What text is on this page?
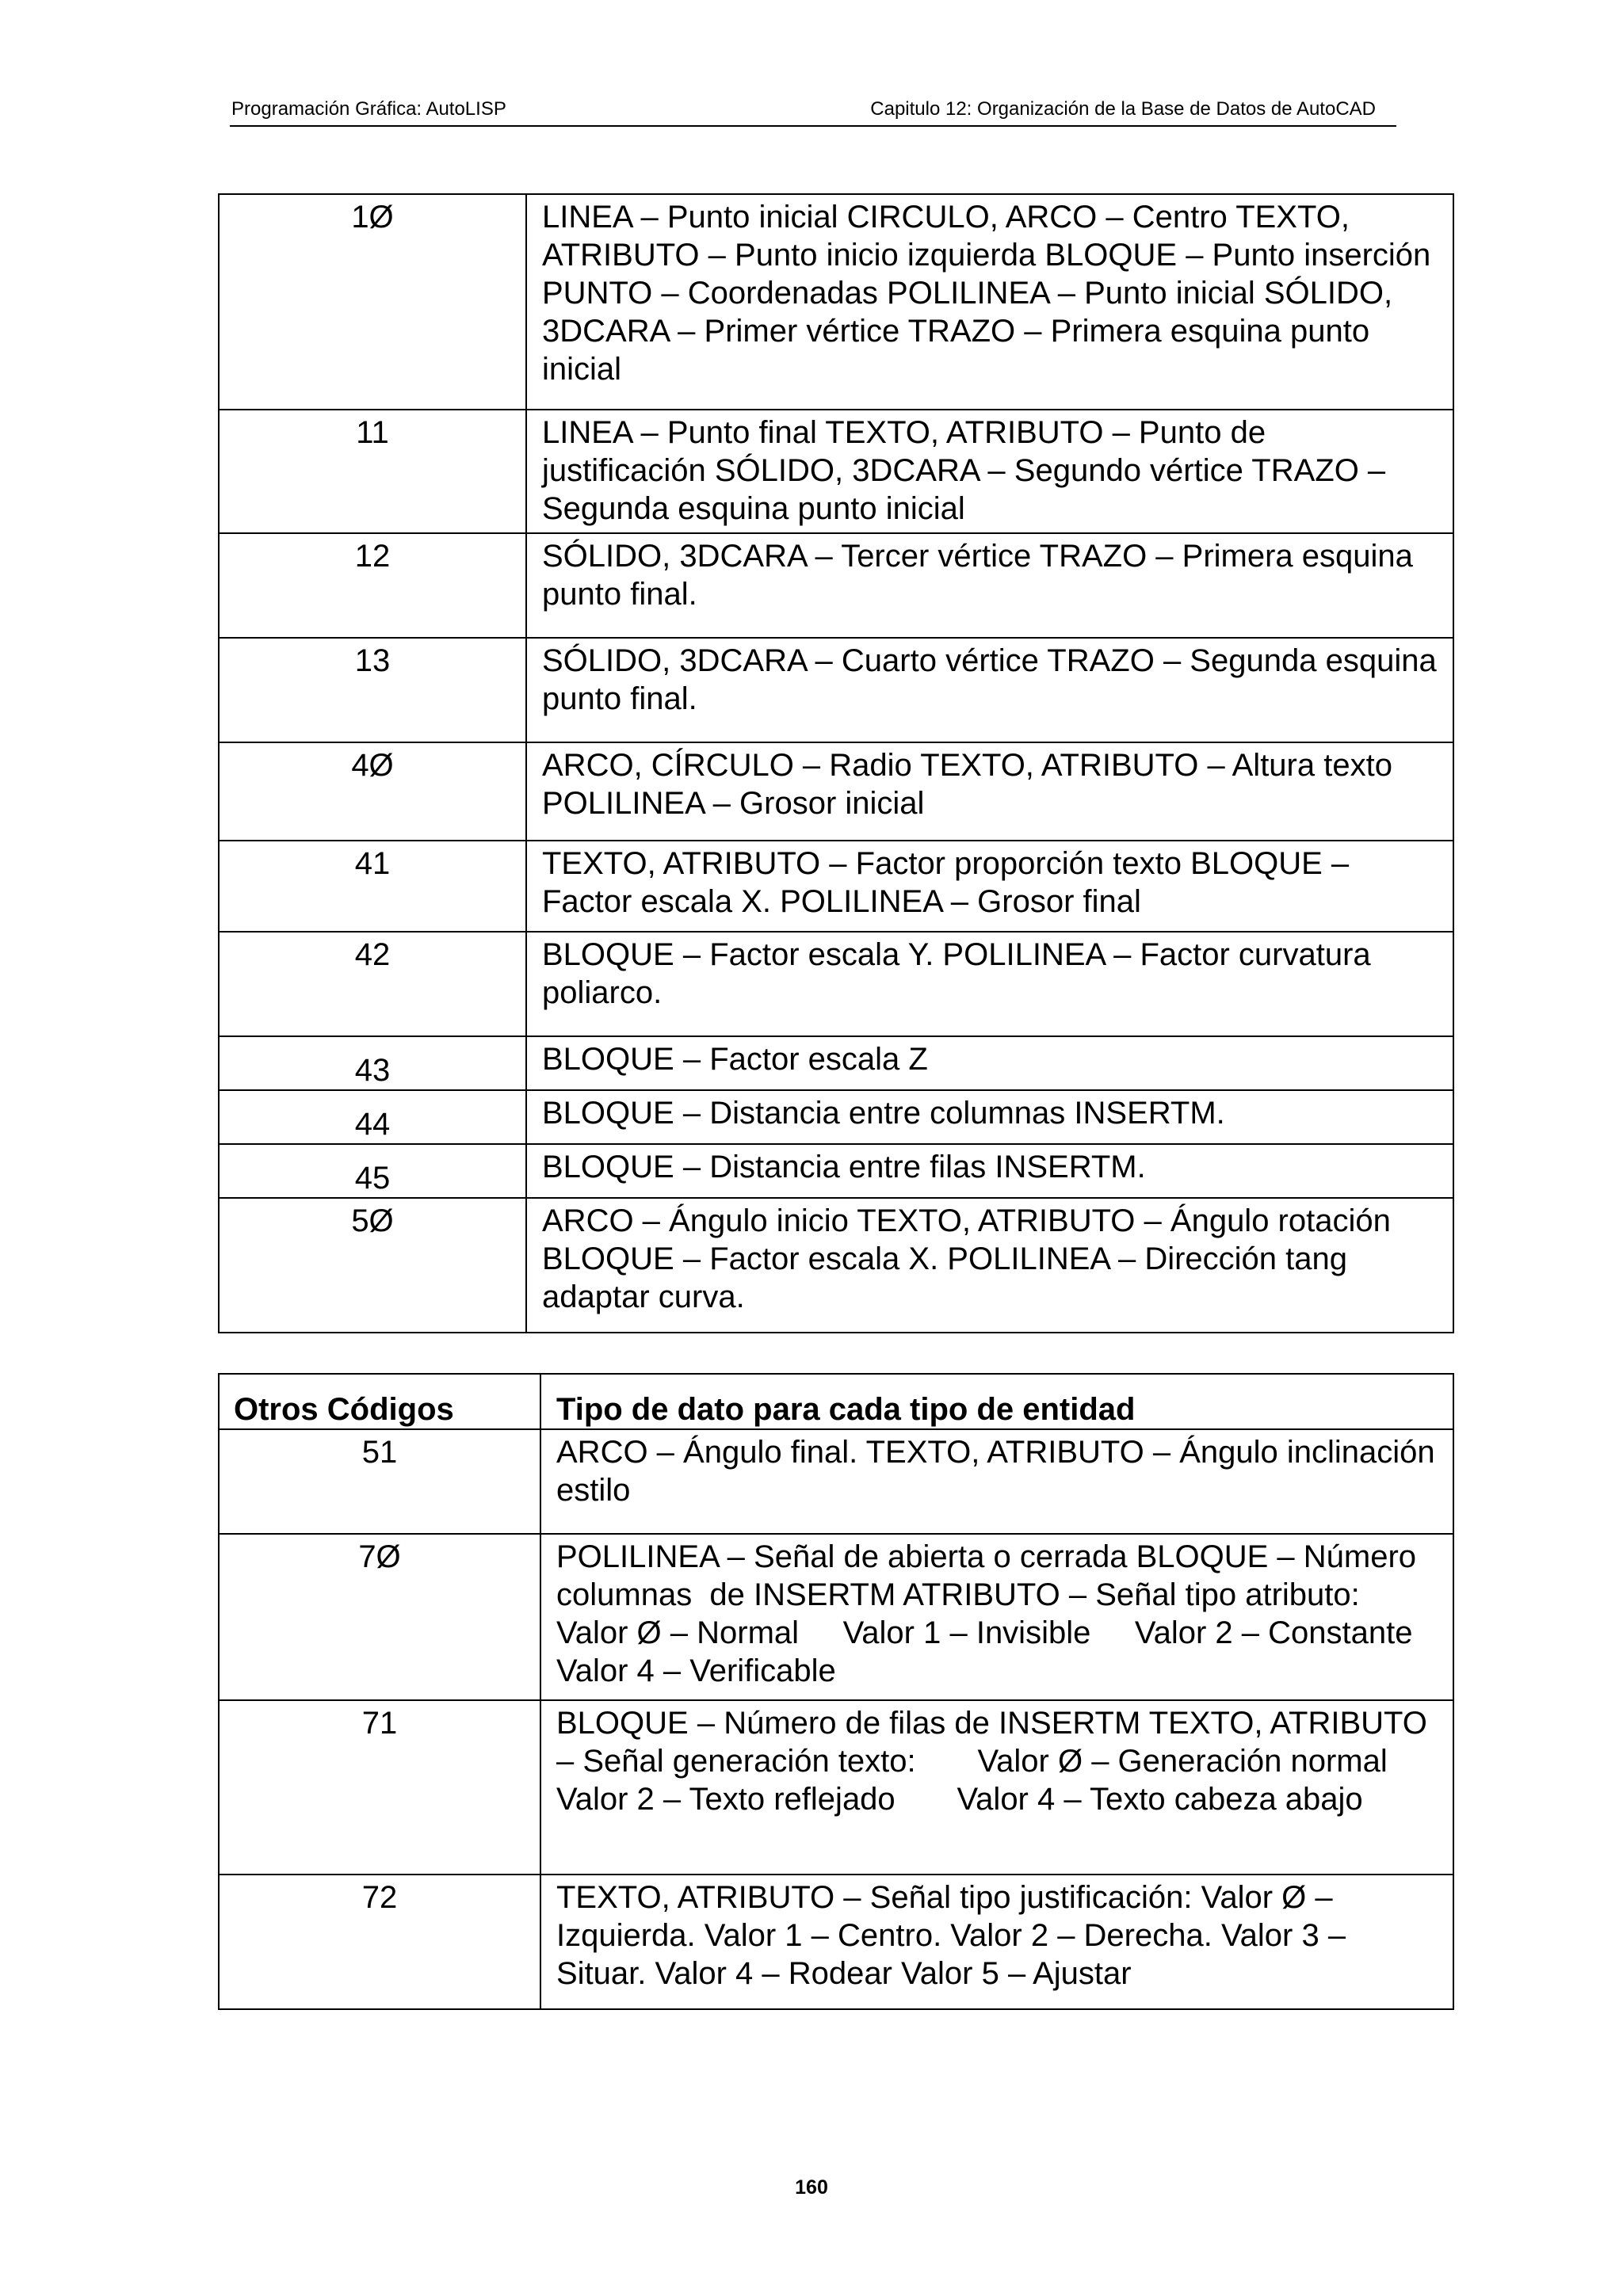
Programación Gráfica: AutoLISP	Capitulo 12: Organización de la Base de Datos de AutoCAD
1Ø	LINEA – Punto inicial CIRCULO, ARCO – Centro TEXTO, ATRIBUTO – Punto inicio izquierda BLOQUE – Punto inserción PUNTO – Coordenadas POLILINEA – Punto inicial SÓLIDO, 3DCARA – Primer vértice TRAZO – Primera esquina punto inicial
11	LINEA – Punto final TEXTO, ATRIBUTO – Punto de justificación SÓLIDO, 3DCARA – Segundo vértice TRAZO – Segunda esquina punto inicial
12	SÓLIDO, 3DCARA – Tercer vértice TRAZO – Primera esquina punto final.
13	SÓLIDO, 3DCARA – Cuarto vértice TRAZO – Segunda esquina punto final.
4Ø	ARCO, CÍRCULO – Radio TEXTO, ATRIBUTO – Altura texto POLILINEA – Grosor inicial
41	TEXTO, ATRIBUTO – Factor proporción texto BLOQUE – Factor escala X. POLILINEA – Grosor final
42	BLOQUE – Factor escala Y. POLILINEA – Factor curvatura poliarco.
43	BLOQUE – Factor escala Z
44	BLOQUE – Distancia entre columnas INSERTM.
45	BLOQUE – Distancia entre filas INSERTM.
5Ø	ARCO – Ángulo inicio TEXTO, ATRIBUTO – Ángulo rotación BLOQUE – Factor escala X. POLILINEA – Dirección tang adaptar curva.
Otros Códigos	Tipo de dato para cada tipo de entidad
51	ARCO – Ángulo final. TEXTO, ATRIBUTO – Ángulo inclinación estilo
7Ø	POLILINEA – Señal de abierta o cerrada BLOQUE – Número columnas  de INSERTM ATRIBUTO – Señal tipo atributo: Valor Ø – Normal     Valor 1 – Invisible     Valor 2 – Constante Valor 4 – Verificable
71	BLOQUE – Número de filas de INSERTM TEXTO, ATRIBUTO – Señal generación texto:       Valor Ø – Generación normal       Valor 2 – Texto reflejado       Valor 4 – Texto cabeza abajo
72	TEXTO, ATRIBUTO – Señal tipo justificación: Valor Ø – Izquierda. Valor 1 – Centro. Valor 2 – Derecha. Valor 3 – Situar. Valor 4 – Rodear Valor 5 – Ajustar
160
